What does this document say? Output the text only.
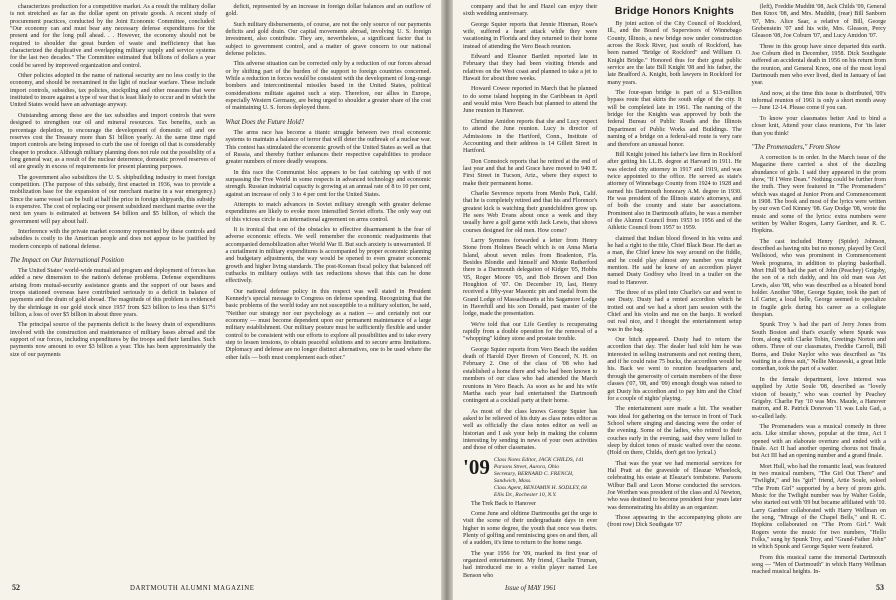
characterizes production for a competitive market. As a result the military dollar is not stretched as far as the dollar spent on private goods. A recent study of procurement practices, conducted by the Joint Economic Committee, concluded: "Our economy can and must bear any necessary defense expenditures for the present and for the long pull ahead. . . However, the economy should not be required to shoulder the great burden of waste and inefficiency that has characterized the duplicative and overlapping military supply and service systems for the last two decades." The Committee estimated that billions of dollars a year could be saved by improved organization and control.

Other policies adopted in the name of national security are no less costly to the economy, and should be reexamined in the light of nuclear warfare. These include import controls, subsidies, tax policies, stockpiling and other measures that were instituted to insure against a type of war that is least likely to occur and in which the United States would have an advantage anyway.

Outstanding among these are the tax subsidies and import controls that were designed to strengthen our oil and mineral resources. Tax benefits, such as percentage depletion, to encourage the development of domestic oil and ore reserves cost the Treasury more than $1 billion yearly. At the same time rigid import controls are being imposed to curb the use of foreign oil that is considerably cheaper to produce. Although military planning does not rule out the possibility of a long general war, as a result of the nuclear deterrence, domestic proved reserves of oil are greatly in excess of requirements for present planning purposes.

The government also subsidizes the U. S. shipbuilding industry to meet foreign competition. (The purpose of this subsidy, first enacted in 1936, was to provide a mobilization base for the expansion of our merchant marine in a war emergency.) Since the same vessel can be built at half the price in foreign shipyards, this subsidy is expensive. The cost of replacing our present subsidized merchant marine over the next ten years is estimated at between $4 billion and $5 billion, of which the government will pay about half.

Interference with the private market economy represented by these controls and subsidies is costly to the American people and does not appear to be justified by modern concepts of national defense.

The Impact on Our International Position

The United States' world-wide mutual aid program and deployment of forces has added a new dimension to the nation's defense problems. Defense expenditures arising from mutual-security assistance grants and the support of our bases and troops stationed overseas have contributed seriously to a deficit in balance of payments and the drain of gold abroad. The magnitude of this problem is evidenced by the shrinkage in our gold stock since 1957 from $23 billion to less than $17½ billion, a loss of over $5 billion in about three years.

The principal source of the payments deficit is the heavy drain of expenditures involved with the construction and maintenance of military bases abroad and the support of our forces, including expenditures by the troops and their families. Such payments now amount to over $3 billion a year. This has been approximately the size of our payments

deficit, represented by an increase in foreign dollar balances and an outflow of gold.

Such military disbursements, of course, are not the only source of our payments deficits and gold drain. Our capital movements abroad, involving U. S. foreign investment, also contribute. They are, nevertheless, a significant factor that is subject to government control, and a matter of grave concern to our national defense policies.

This adverse situation can be corrected only by a reduction of our forces abroad or by shifting part of the burden of the support to foreign countries concerned. While a reduction in forces would be consistent with the development of long-range bombers and intercontinental missiles based in the United States, political considerations militate against such a step. Therefore, our allies in Europe, especially Western Germany, are being urged to shoulder a greater share of the cost of maintaining U. S. forces deployed there.

What Does the Future Hold?

The arms race has become a titanic struggle between two rival economic systems to maintain a balance of terror that will deter the outbreak of a nuclear war. This contest has stimulated the economic growth of the United States as well as that of Russia, and thereby further enhances their respective capabilities to produce greater numbers of more deadly weapons.

In this race the Communist bloc appears to be fast catching up with if not surpassing the Free World in some respects in advanced technology and economic strength. Russian industrial capacity is growing at an annual rate of 8 to 10 per cent, against an increase of only 3 to 4 per cent for the United States.

Attempts to match advances in Soviet military strength with greater defense expenditures are likely to evoke more intensified Soviet efforts. The only way out of this vicious circle is an international agreement on arms control.

It is ironical that one of the obstacles to effective disarmament is the fear of adverse economic effects. We well remember the economic readjustments that accompanied demobilization after World War II. But such anxiety is unwarranted. If a curtailment in military expenditures is accompanied by proper economic planning and budgetary adjustments, the way would be opened to even greater economic growth and higher living standards. The post-Korean fiscal policy that balanced off cutbacks in military outlays with tax reductions shows that this can be done effectively.

Our national defense policy in this respect was well stated in President Kennedy's special message to Congress on defense spending. Recognizing that the basic problems of the world today are not susceptible to a military solution, he said, "Neither our strategy nor our psychology as a nation — and certainly not our economy — must become dependent upon our permanent maintenance of a large military establishment. Our military posture must be sufficiently flexible and under control to be consistent with our efforts to explore all possibilities and to take every step to lessen tensions, to obtain peaceful solutions and to secure arms limitations. Diplomacy and defense are no longer distinct alternatives, one to be used where the other fails — both must complement each other."

52	DARTMOUTH ALUMNI MAGAZINE

company and that he and Hazel can enjoy their sixth wedding anniversary.

George Squier reports that Jennie Hinman, Rose's wife, suffered a heart attack while they were vacationing in Florida and they returned to their home instead of attending the Vero Beach reunion.

Edward and Eleanor Bartlett reported late in February that they had been visiting friends and relatives on the West coast and planned to take a jet to Hawaii for about three weeks.

Howard Cowee reported in March that he planned to do some island hopping in the Caribbean in April and would miss Vero Beach but planned to attend the June reunion in Hanover.

Christine Amidon reports that she and Lucy expect to attend the June reunion. Lucy is director of Admissions in the Hartford, Conn., Institute of Accounting and their address is 14 Gillett Street in Hartford.

Don Comstock reports that he retired at the end of last year and that he and Grace have moved to 940 E. First Street in Tucson, Ariz., where they expect to make their permanent home.

Charlie Sevrence reports from Menlo Park, Calif. that he is completely retired and that his and Florence's greatest kick is watching their grandchildren grow up. He sees Web Evans about once a week and they usually have a golf game with Jack Lewis, that shows courses designed for old men. How come?

Larry Symmes forwarded a letter from Henry Stone from Holmes Beach which is on Anna Maria Island, about seven miles from Bradenton, Fla. Besides Blondie and himself and Monte Rutherford there is a Dartmouth delegation of Kidger '05, Hobbs '05, Roger Moore '05, and Bob Brown and Don Houghton of '07. On December 19, last, Henry received a fifty-year Masonic pin and medal from the Grand Lodge of Massachusetts at his Sagamore Lodge in Haverhill and his son Donald, past master of the lodge, made the presentation.

We're told that our Life Gentley is recuperating rapidly from a double operation for the removal of a "whopping" kidney stone and prostate trouble.

George Squier reports from Vero Beach the sudden death of Harold Dyer Brown of Concord, N. H. on February 2. One of the class of '08 who had established a home there and who had been known to members of our class who had attended the March reunions in Vero Beach. As soon as he and his wife Martha each year had entertained the Dartmouth contingent at a cocktail party at their home.

As most of the class knows George Squier has asked to be relieved of his duty as class notes editor as well as officially the class notes editor as well as historian and I ask your help in making the column interesting by sending in news of your own activities and those of other classmates.

'09 Class Notes Editor, JACK CHILDS, 141 Parsons Street, Aurora, Ohio
Secretary, BERNARD C. FRENCH, Sandwich, Mass.
Class Agent, BENJAMIN H. SODLEY, 68 Ellis Dr., Rochester 10, N.Y.

The Trek Back to Hanover

Come June and oldtime Dartmouths get the urge to visit the scene of their undergraduate days in ever higher in some degree, the youth that once was theirs. Plenty of golfing and reminiscing goes on and then, all of a sudden, it's time to return to the home range.

The year 1956 for '09, marked its first year of organized entertainment. My friend, Charlie Truman, had introduced me to a violin player named Lee Benson who

Bridge Honors Knights

By joint action of the City Council of Rockford, Ill., and the Board of Supervisors of Winnebago County, Illinois, a new bridge now under construction across the Rock River, just south of Rockford, has been named "Bridge of Rockford" and William O. Knight Bridge." Honored thus for their great public service are the late Bill Knight '08 and his father, the late Bradford A. Knight, both lawyers in Rockford for many years.

The four-span bridge is part of a $13-million bypass route that skirts the south edge of the city. It will be completed late in 1961. The naming of the bridge for the Knights was approved by both the federal Bureau of Public Roads and the Illinois Department of Public Works and Buildings. The naming of a bridge on a federal-aid route is very rare and therefore an unusual honor.

Bill Knight joined his father's law firm in Rockford after getting his LL.B. degree at Harvard in 1911. He was elected city attorney in 1917 and 1919, and was twice appointed to the office. He served as state's attorney of Winnebago County from 1924 to 1928 and earned his Dartmouth honorary A.M. degree in 1930. He was president of the Illinois state's attorneys, and of both the county and state bar associations. Prominent also in Dartmouth affairs, he was a member of the Alumni Council from 1953 to 1956 and of the Athletic Council from 1957 to 1959.

claimed that Indian blood flowed in his veins and he had a right to the title, Chief Black Bear. He dart as a man, the Chief knew his way around on the fiddle, and he could play almost any number you might mention. He said he knew of an accordion player named Dusty Godfrey who lived in a trailer on the road to Hanover.

The three of us piled into Charlie's car and went to see Dusty. Dusty had a rented accordion which he trotted out and we had a short jam session with the Chief and his violin and me on the banjo. It worked out real nice, and I thought the entertainment setup was in the bag.

Our bitch appeared. Dusty had to return the accordion that day. The dealer had told him he was interested in selling instruments and not renting them, and if he could raise 75 bucks, the accordion would be his. Back we went to reunion headquarters and, through the generosity of certain members of the three classes ('07, '08, and '09) enough dough was raised to get Dusty his accordion and to pay him and the Chief for a couple of nights' playing.

The entertainment sure made a hit. The weather was ideal for gathering on the terrace in front of Tuck School where singing and dancing were the order of the evening. Some of the ladies, who retired to their couches early in the evening, said they were lulled to sleep by dulcet tones of music wafted over the ozone. (Hold on there, Childs, don't get too lyrical.)

That was the year we had memorial services for Hal Pratt at the graveside of Eleazar Wheelock, celebrating his estate at Eleazar's tombstone. Parsons Wilbur Ball and Leon Morse conducted the services. Joe Worthen was president of the class and Al Newton, who was destined to become president four years later was demonstrating his ability as an organizer.

Those appearing in the accompanying photo are (front row) Dick Southgate '07

(left), Freddie Mudditt '08, Jack Childs '09, General Ben Knox '08, and Mrs. Mudditt, (rear) Bill Sanborn '07, Mrs. Alice Saar, a relative of Bill, George Grebenstein '07 and his wife, Mrs. Gleason, Percy Gleason '08, Joe Coburn '07, and Lucy Amidon '07.

Three in this group have since departed this earth. Joe Coburn died in December, 1958. Dick Southgate suffered an accidental death in 1956 on his return from the reunion, and General Knox, one of the most loyal Dartmouth men who ever lived, died in January of last year.

And now, at the time this issue is distributed, '09's informal reunion of 1961 is only a short month away — June 12-14. Please come if you can.

To know your classmates better And to bind a closer knit, Attend your class reunions, For 'tis later than you think!

"The Promenaders," From Show

A correction is in order. In the March issue of the Magazine there carried a shot of the dazzling abundance of girls. I said they appeared in the prom show, "If I Were Dean." Nothing could be further from the truth. They were featured in "The Promenaders" which was staged at Junior Prom and Commencement in 1908. The book and most of the lyrics were written by our own Ced Kinney '08. Gay Dodge '08, wrote the music and some of the lyrics: extra numbers were written by Walter Rogers, Larry Gardner, and R. C. Hopkins.

The cast included Henry (Spider) Johnson, described as having nits but no money, played by Cecil Wellstood, who was prominent in Commencement Week programs, in addition to playing basketball. Mort Hull '08 had the part of John (Peachey) Grigsby, the son of a rich daddy, and his old man was Art Lewis, also '08, who was described as a bloated bond holder. Another '08er, George Squier, took the part of Lil Carter, a local belle, George seemed to specialize in fragile girls during his career as a collegiate thespian.

Spunk Troy 's had the part of Jerry Jones from South Boston and that's exactly where Spunk was from, along with Clarke Tobin, Greetings Norton and others. Three of our classmates, Freddie Carroll, Bill Burns, and Duke Naylor who was described as "its waiting in a dress suit," Nellie Mozawski, a great little comedian, took the part of a waiter.

In the female department, love interest was supplied by Artie Soule '08, described as "lovely vision of beauty," who was courted by Peachey Grigsby. Charlie Fay '10 was Mrs. Maude, a Hanover matron, and R. Patrick Donovan '11 was Lulu Gad, a so-called lady.

The Promenaders was a musical comedy in three acts. Like similar shows, popular at the time, Act I opened with an elaborate overture and ended with a finale. Act II had another opening chorus not finale, but Act III had an opening number and a grand finale.

Mort Hull, who had the romantic lead, was featured in two musical numbers, "The Girl Out There" and "Twilight," and his "girl" friend, Artie Soule, soloed "The Prom Girl" supported by a bevy of prom girls. Music for the Twilight number was by Walter Golde, who started out with '09 but became affiliated with '10. Larry Gardner collaborated with Harry Wellman on the song, "Mirage of the Chapel Bells," and R. C. Hopkins collaborated on "The Prom Girl." Walt Rogers wrote the music for two numbers, "Hello Folks," sung by Spunk Troy, and "Grand-Father John" in which Spunk and George Squier were featured.

From this musical came the immortal Dartmouth song — "Men of Dartmouth" in which Harry Wellman reached musical heights. In-

Issue of MAY 1961	53
